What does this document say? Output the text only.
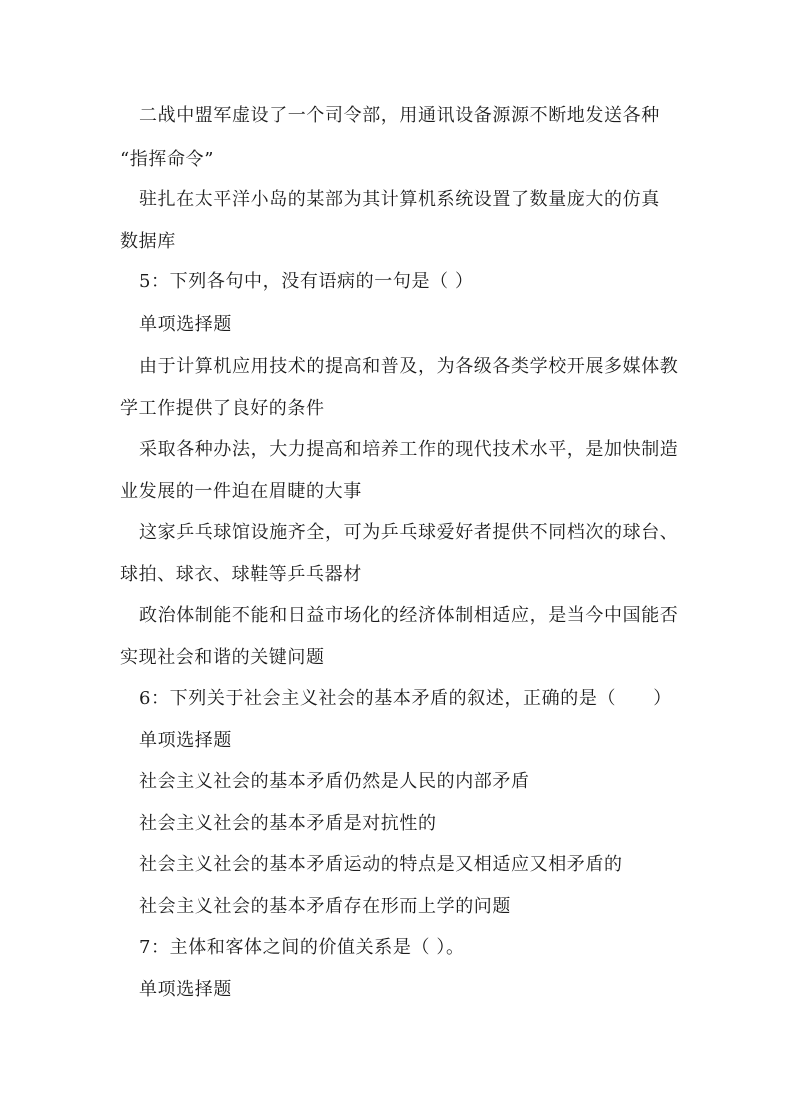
二战中盟军虚设了一个司令部，用通讯设备源源不断地发送各种
“指挥命令”
驻扎在太平洋小岛的某部为其计算机系统设置了数量庞大的仿真
数据库
5：下列各句中，没有语病的一句是（ ）
单项选择题
由于计算机应用技术的提高和普及，为各级各类学校开展多媒体教
学工作提供了良好的条件
采取各种办法，大力提高和培养工作的现代技术水平，是加快制造
业发展的一件迫在眉睫的大事
这家乒乓球馆设施齐全，可为乒乓球爱好者提供不同档次的球台、
球拍、球衣、球鞋等乒乓器材
政治体制能不能和日益市场化的经济体制相适应，是当今中国能否
实现社会和谐的关键问题
6：下列关于社会主义社会的基本矛盾的叙述，正确的是（　　）
单项选择题
社会主义社会的基本矛盾仍然是人民的内部矛盾
社会主义社会的基本矛盾是对抗性的
社会主义社会的基本矛盾运动的特点是又相适应又相矛盾的
社会主义社会的基本矛盾存在形而上学的问题
7：主体和客体之间的价值关系是（ ）。
单项选择题
